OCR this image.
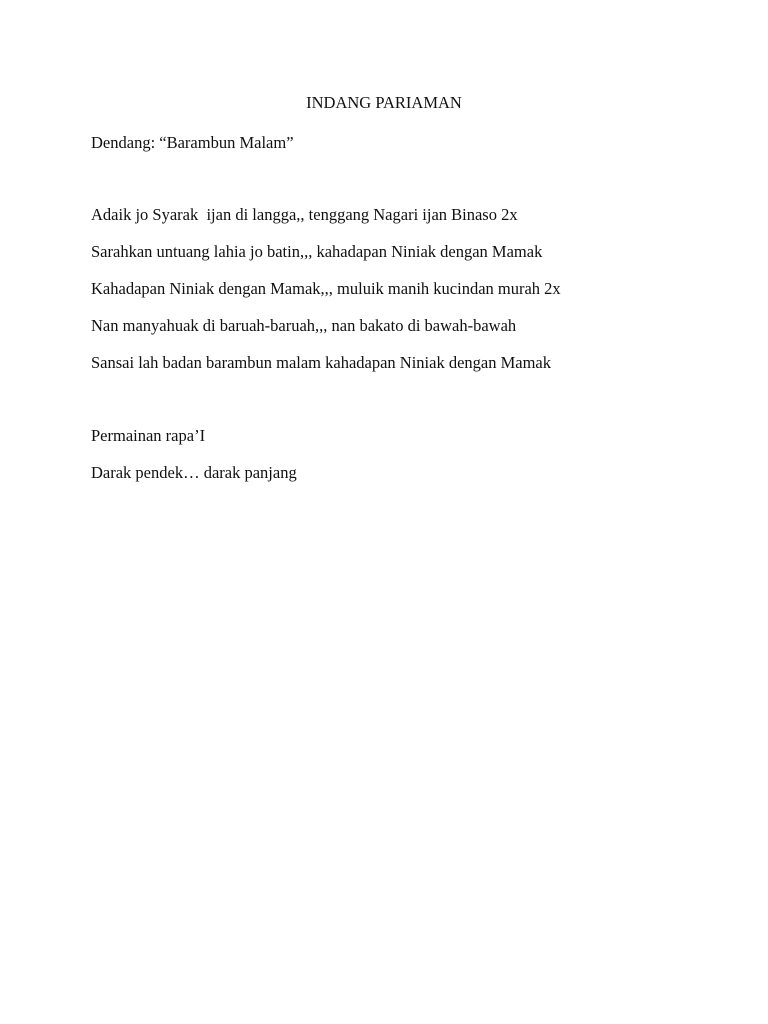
INDANG PARIAMAN

Dendang: “Barambun Malam”

Adaik jo Syarak  ijan di langga,, tenggang Nagari ijan Binaso 2x

Sarahkan untuang lahia jo batin,,, kahadapan Niniak dengan Mamak

Kahadapan Niniak dengan Mamak,,, muluik manih kucindan murah 2x

Nan manyahuak di baruah-baruah,,, nan bakato di bawah-bawah

Sansai lah badan barambun malam kahadapan Niniak dengan Mamak

Permainan rapa’I

Darak pendek… darak panjang
